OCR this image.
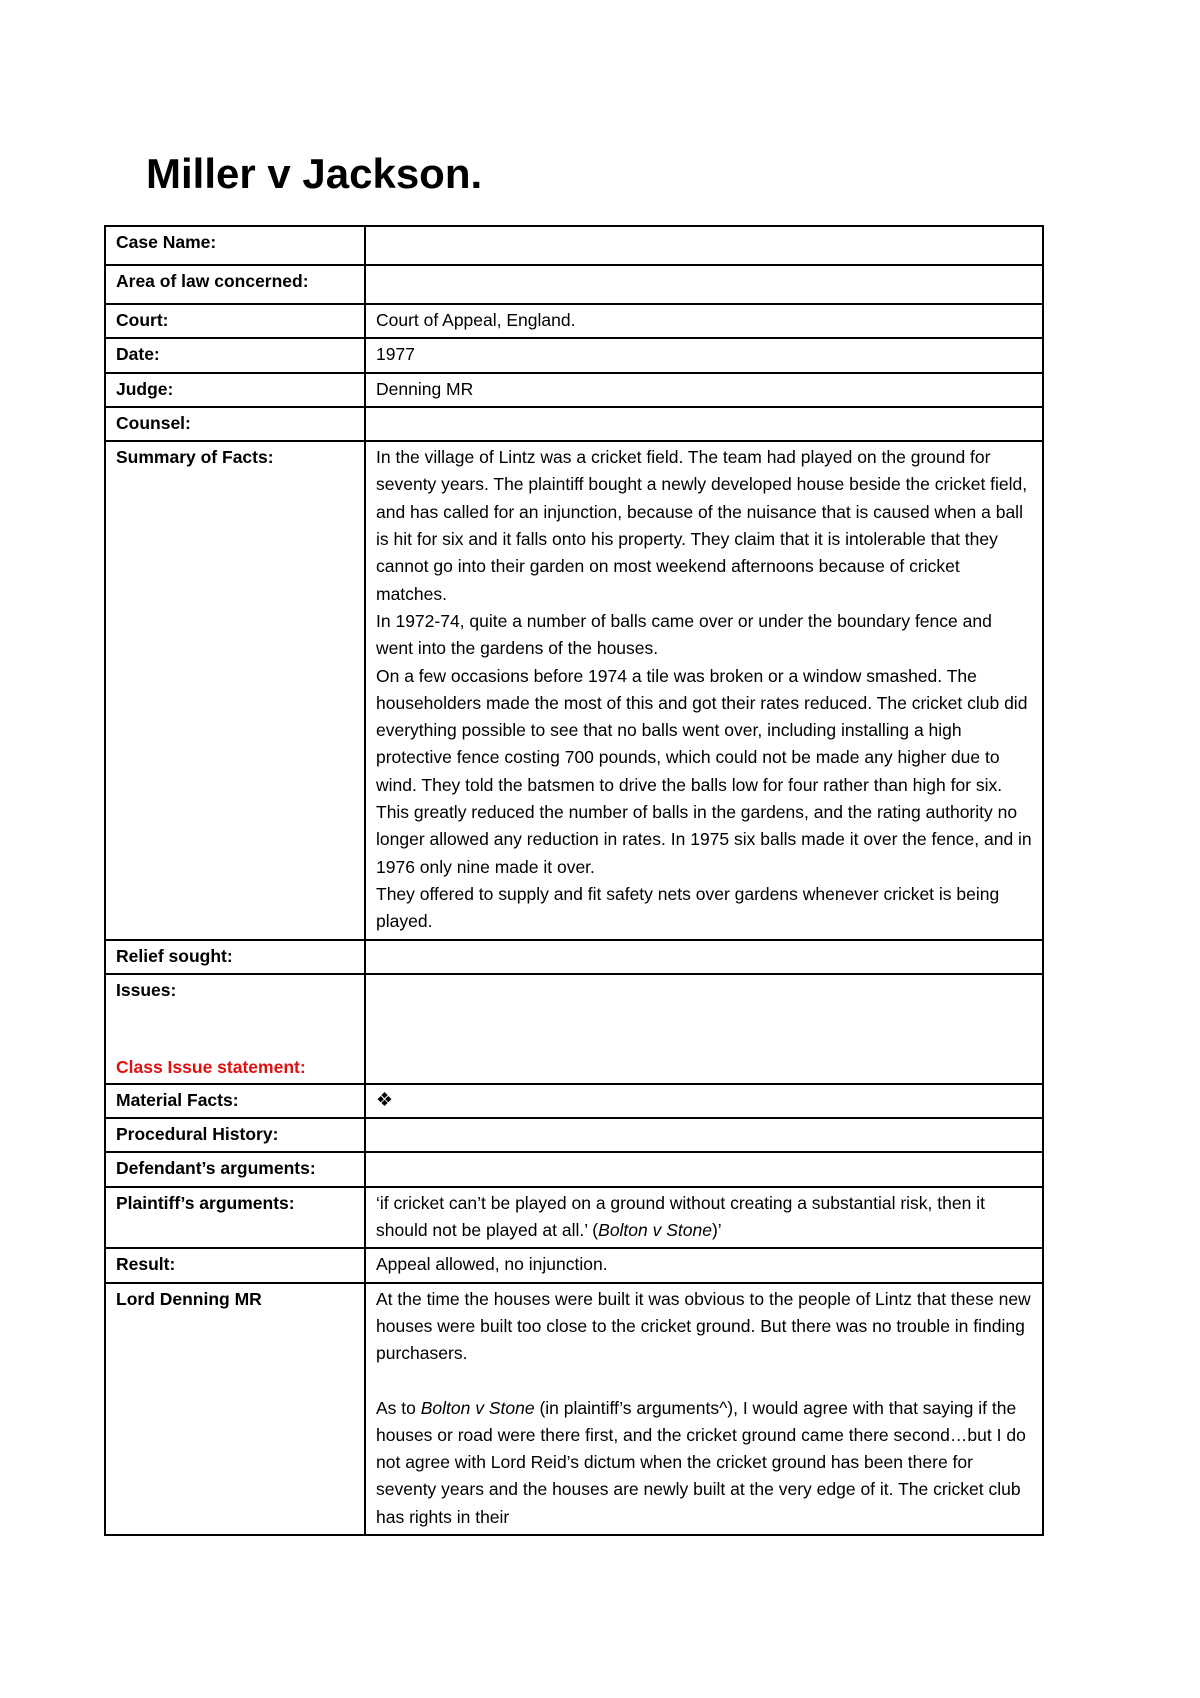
Miller v Jackson.
Case Name:	
Area of law concerned:	
Court:	Court of Appeal, England.
Date:	1977
Judge:	Denning MR
Counsel:	
Summary of Facts:	In the village of Lintz was a cricket field. The team had played on the ground for seventy years. The plaintiff bought a newly developed house beside the cricket field, and has called for an injunction, because of the nuisance that is caused when a ball is hit for six and it falls onto his property. They claim that it is intolerable that they cannot go into their garden on most weekend afternoons because of cricket matches.

In 1972-74, quite a number of balls came over or under the boundary fence and went into the gardens of the houses.

On a few occasions before 1974 a tile was broken or a window smashed. The householders made the most of this and got their rates reduced. The cricket club did everything possible to see that no balls went over, including installing a high protective fence costing 700 pounds, which could not be made any higher due to wind. They told the batsmen to drive the balls low for four rather than high for six. This greatly reduced the number of balls in the gardens, and the rating authority no longer allowed any reduction in rates. In 1975 six balls made it over the fence, and in 1976 only nine made it over.

They offered to supply and fit safety nets over gardens whenever cricket is being played.

Relief sought:	

Issues:
Class Issue statement:	

Material Facts:	❖
Procedural History:	
Defendant’s arguments:	
Plaintiff’s arguments:	‘if cricket can’t be played on a ground without creating a substantial risk, then it should not be played at all.’ (Bolton v Stone)’
Result:	Appeal allowed, no injunction.
Lord Denning MR	At the time the houses were built it was obvious to the people of Lintz that these new houses were built too close to the cricket ground. But there was no trouble in finding purchasers.

As to Bolton v Stone (in plaintiff’s arguments^), I would agree with that saying if the houses or road were there first, and the cricket ground came there second…but I do not agree with Lord Reid’s dictum when the cricket ground has been there for seventy years and the houses are newly built at the very edge of it. The cricket club has rights in their
